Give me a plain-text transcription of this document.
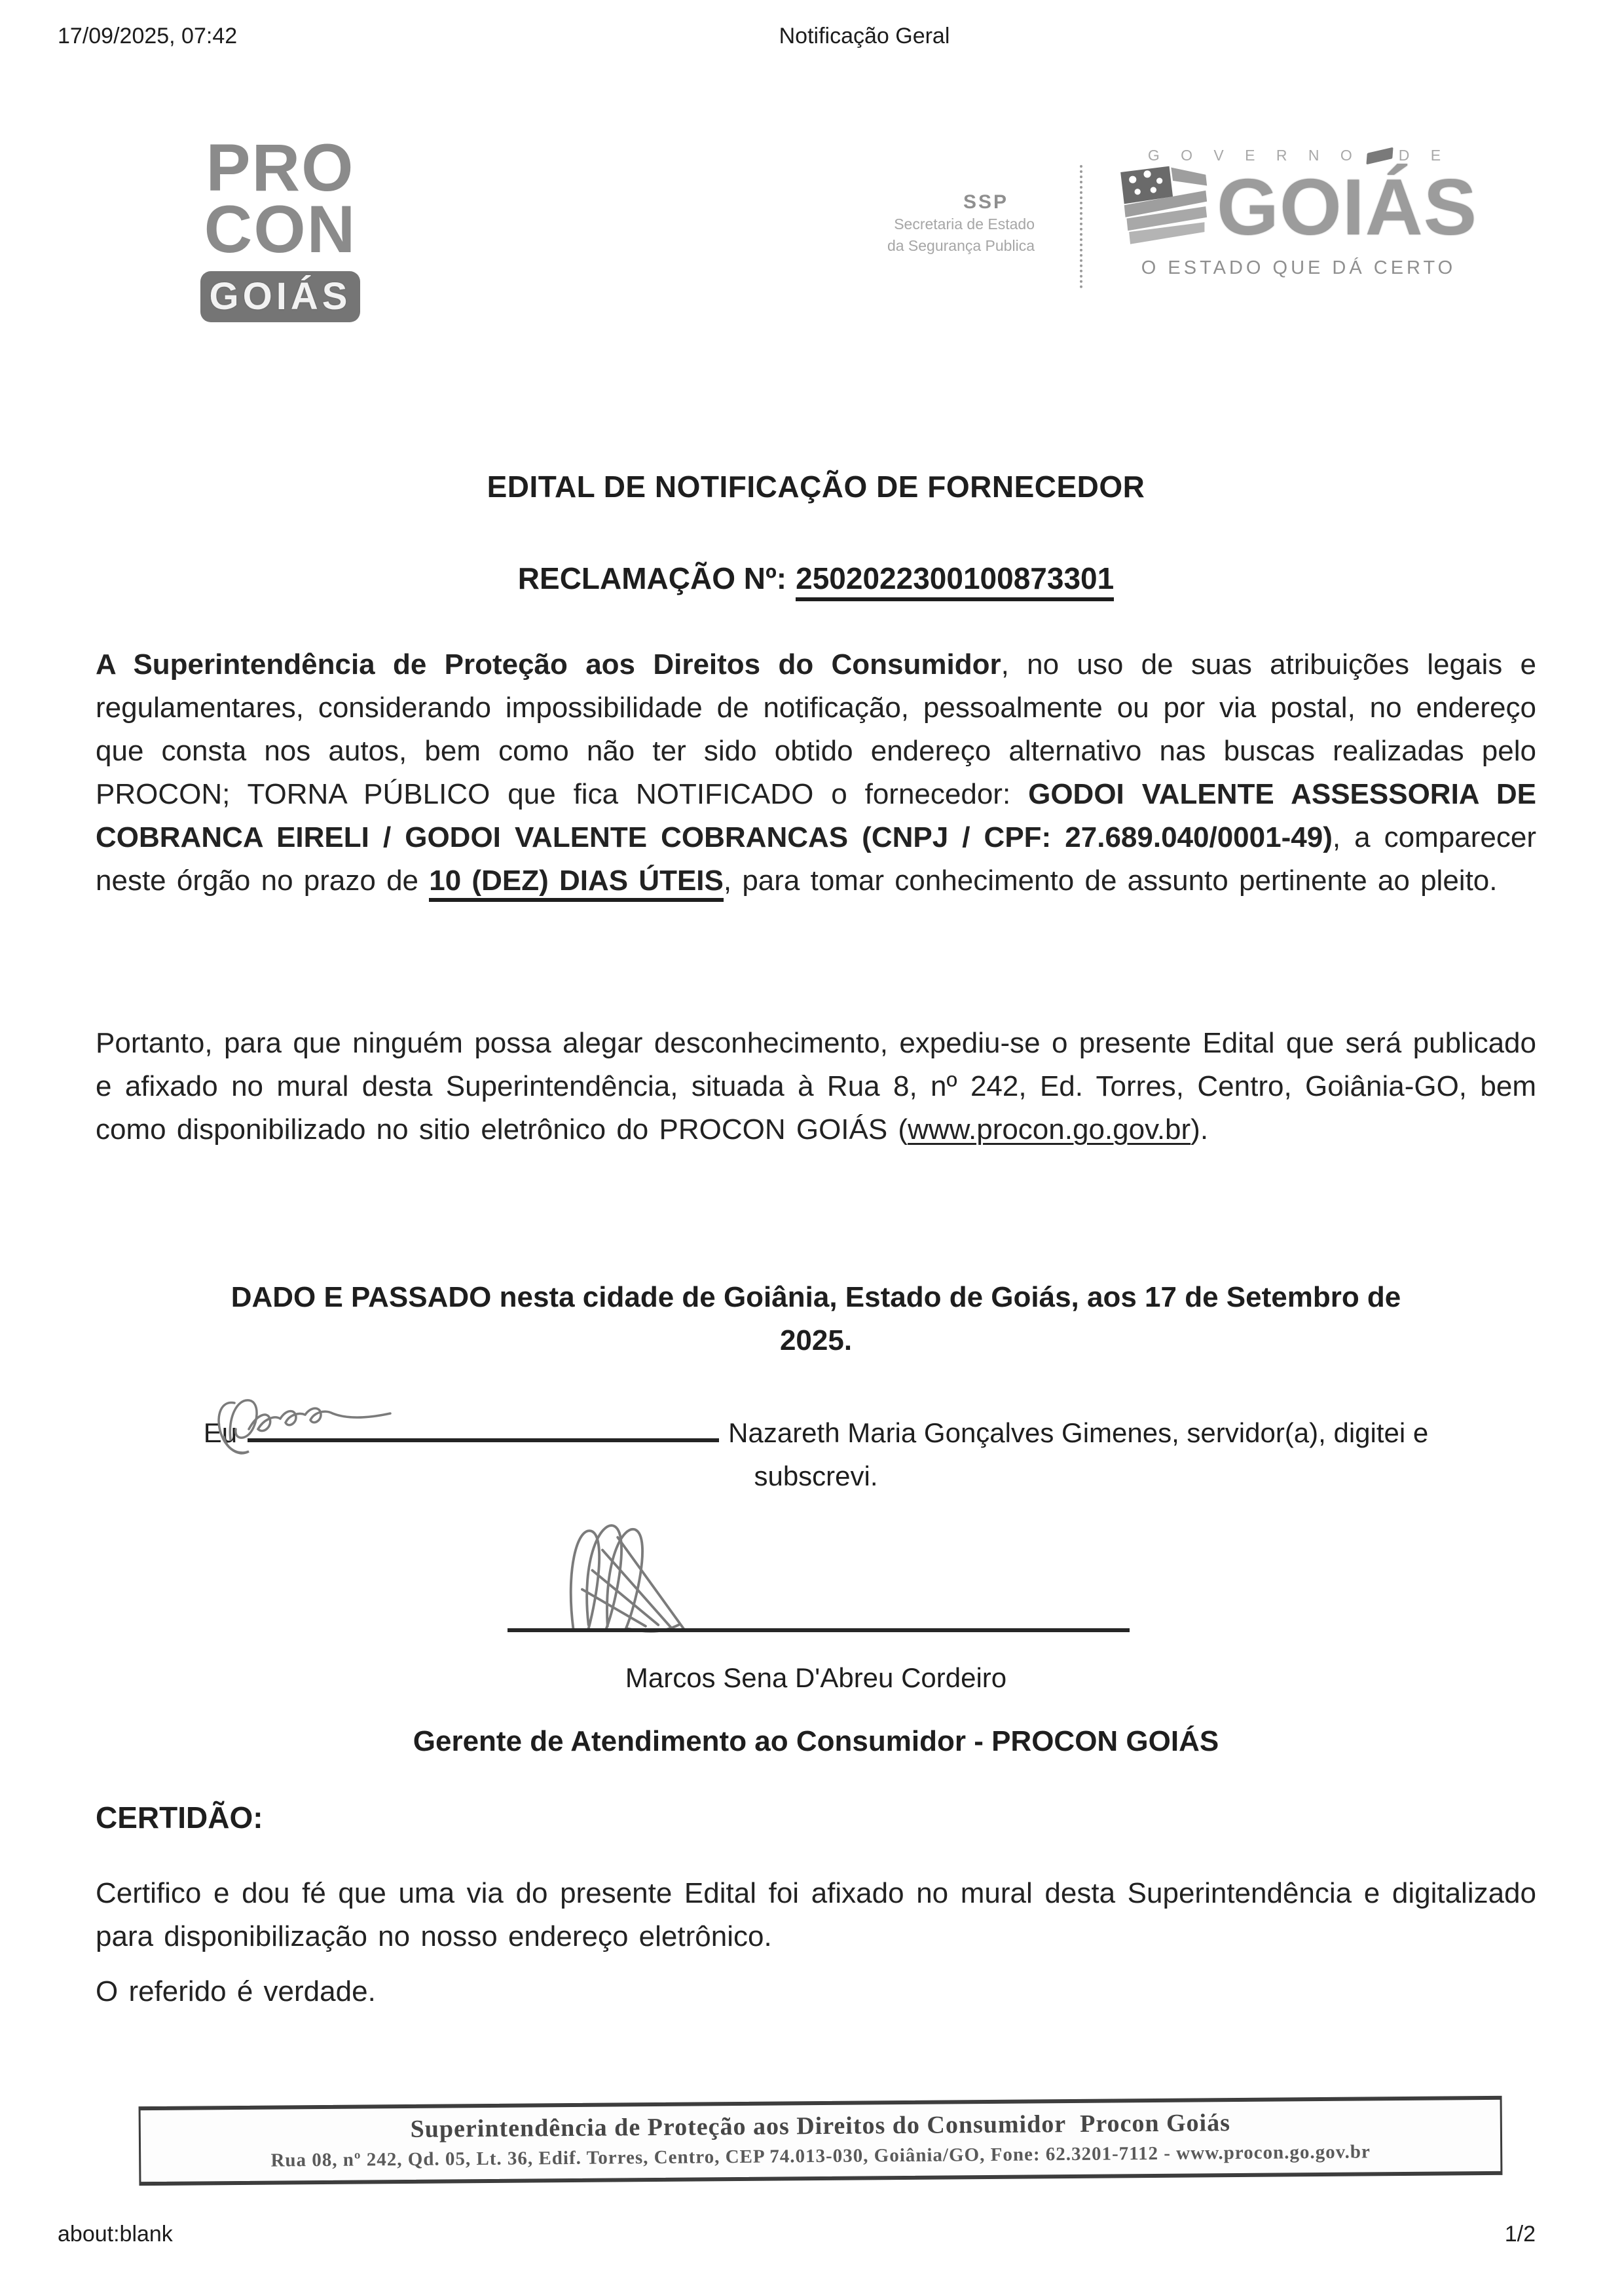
17/09/2025, 07:42	Notificação Geral
PRO
CON
GOIÁS
SSP
Secretaria de Estado
da Segurança Publica
G O V E R N O	D E
GOIÁS
O ESTADO QUE DÁ CERTO
EDITAL DE NOTIFICAÇÃO DE FORNECEDOR
RECLAMAÇÃO Nº: 2502022300100873301
A Superintendência de Proteção aos Direitos do Consumidor, no uso de suas atribuições legais e regulamentares, considerando impossibilidade de notificação, pessoalmente ou por via postal, no endereço que consta nos autos, bem como não ter sido obtido endereço alternativo nas buscas realizadas pelo PROCON; TORNA PÚBLICO que fica NOTIFICADO o fornecedor: GODOI VALENTE ASSESSORIA DE COBRANCA EIRELI / GODOI VALENTE COBRANCAS (CNPJ / CPF: 27.689.040/0001-49), a comparecer neste órgão no prazo de 10 (DEZ) DIAS ÚTEIS, para tomar conhecimento de assunto pertinente ao pleito.
Portanto, para que ninguém possa alegar desconhecimento, expediu-se o presente Edital que será publicado e afixado no mural desta Superintendência, situada à Rua 8, nº 242, Ed. Torres, Centro, Goiânia-GO, bem como disponibilizado no sitio eletrônico do PROCON GOIÁS (www.procon.go.gov.br).
DADO E PASSADO nesta cidade de Goiânia, Estado de Goiás, aos 17 de Setembro de
2025.
Eu	Nazareth Maria Gonçalves Gimenes, servidor(a), digitei e
subscrevi.
Marcos Sena D'Abreu Cordeiro
Gerente de Atendimento ao Consumidor - PROCON GOIÁS
CERTIDÃO:
Certifico e dou fé que uma via do presente Edital foi afixado no mural desta Superintendência e digitalizado para disponibilização no nosso endereço eletrônico.
O referido é verdade.
Superintendência de Proteção aos Direitos do Consumidor  Procon Goiás
Rua 08, nº 242, Qd. 05, Lt. 36, Edif. Torres, Centro, CEP 74.013-030, Goiânia/GO, Fone: 62.3201-7112 - www.procon.go.gov.br
about:blank	1/2
